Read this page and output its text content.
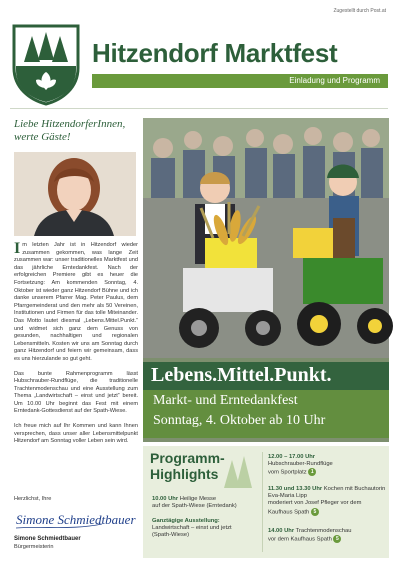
Zugestellt durch Post.at
Hitzendorf Marktfest
Einladung und Programm
Liebe HitzendorferInnen, werte Gäste!

Im letzten Jahr ist in Hitzendorf wieder zusammen gekommen, was lange Zeit zusammen war: unser traditionelles Marktfest und das jährliche Erntedankfest. Nach der erfolgreichen Premiere gibt es heuer die Fortsetzung: Am kommenden Sonntag, 4. Oktober ist wieder ganz Hitzendorf Bühne und ich danke unserem Pfarrer Mag. Peter Paulus, dem Pfarrgemeinderat und den mehr als 50 Vereinen, Institutionen und Firmen für das tolle Miteinander. Das Motto lautet diesmal „Lebens.Mittel.Punkt.“ und widmet sich ganz dem Genuss von gesunden, nachhaltigen und regionalen Lebensmitteln. Kosten wir uns am Sonntag durch ganz Hitzendorf und feiern wir gemeinsam, dass es uns hierzulande so gut geht.

Das bunte Rahmenprogramm lässt Hubschrauber-Rundflüge, die traditionelle Trachtenmodenschau und eine Ausstellung zum Thema „Landwirtschaft – einst und jetzt“ bereit. Um 10.00 Uhr beginnt das Fest mit einem Erntedank-Gottesdienst auf der Spath-Wiese.

Ich freue mich auf Ihr Kommen und kann Ihnen versprechen, dass unser aller Lebensmittelpunkt Hitzendorf am Sonntag voller Leben sein wird.

Herzlichst, Ihre
Simone Schmiedtbauer
Simone Schmiedtbauer
Bürgermeisterin
Lebens.Mittel.Punkt.
Markt- und Erntedankfest
Sonntag, 4. Oktober ab 10 Uhr
Programm-
Highlights
10.00 Uhr Heilige Messe
auf der Spath-Wiese (Erntedank)
Ganztägige Ausstellung:
Landwirtschaft – einst und jetzt
(Spath-Wiese)
12.00 – 17.00 Uhr
Hubschrauber-Rundflüge
vom Sportplatz 1
11.30 und 13.30 Uhr Kochen mit Buchautorin Eva-Maria Lipp
moderiert von Josef Pfleger vor dem Kaufhaus Spath 5
14.00 Uhr Trachtenmodenschau
vor dem Kaufhaus Spath 5
